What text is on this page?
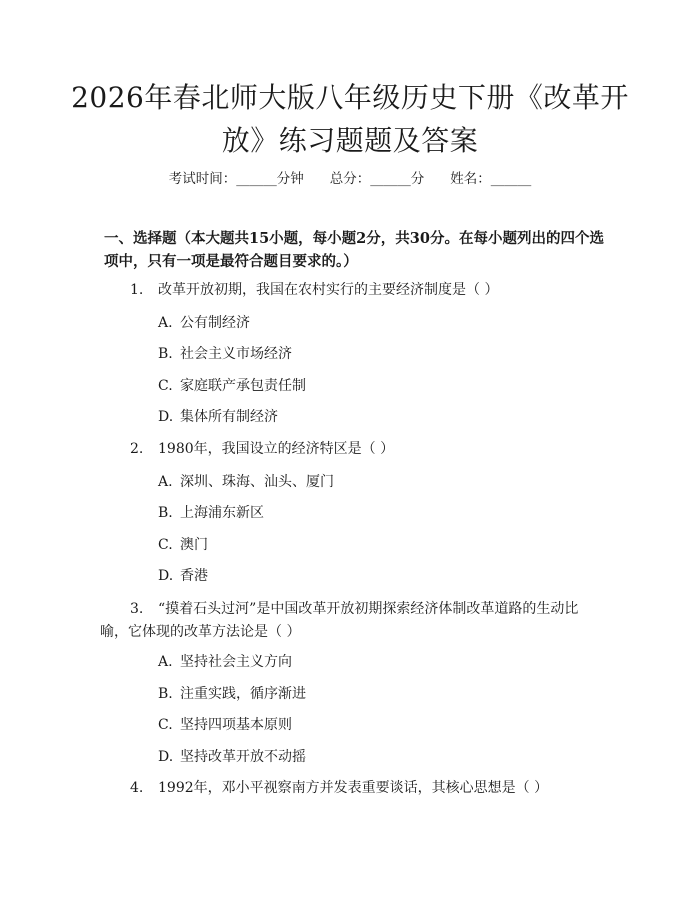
2026年春北师大版八年级历史下册《改革开
放》练习题题及答案
考试时间：______分钟 总分：______分 姓名：______
一、选择题（本大题共15小题，每小题2分，共30分。在每小题列出的四个选
项中，只有一项是最符合题目要求的。）
1. 改革开放初期，我国在农村实行的主要经济制度是（ ）
A. 公有制经济
B. 社会主义市场经济
C. 家庭联产承包责任制
D. 集体所有制经济
2. 1980年，我国设立的经济特区是（ ）
A. 深圳、珠海、汕头、厦门
B. 上海浦东新区
C. 澳门
D. 香港
3. “摸着石头过河”是中国改革开放初期探索经济体制改革道路的生动比
喻，它体现的改革方法论是（ ）
A. 坚持社会主义方向
B. 注重实践，循序渐进
C. 坚持四项基本原则
D. 坚持改革开放不动摇
4. 1992年，邓小平视察南方并发表重要谈话，其核心思想是（ ）
